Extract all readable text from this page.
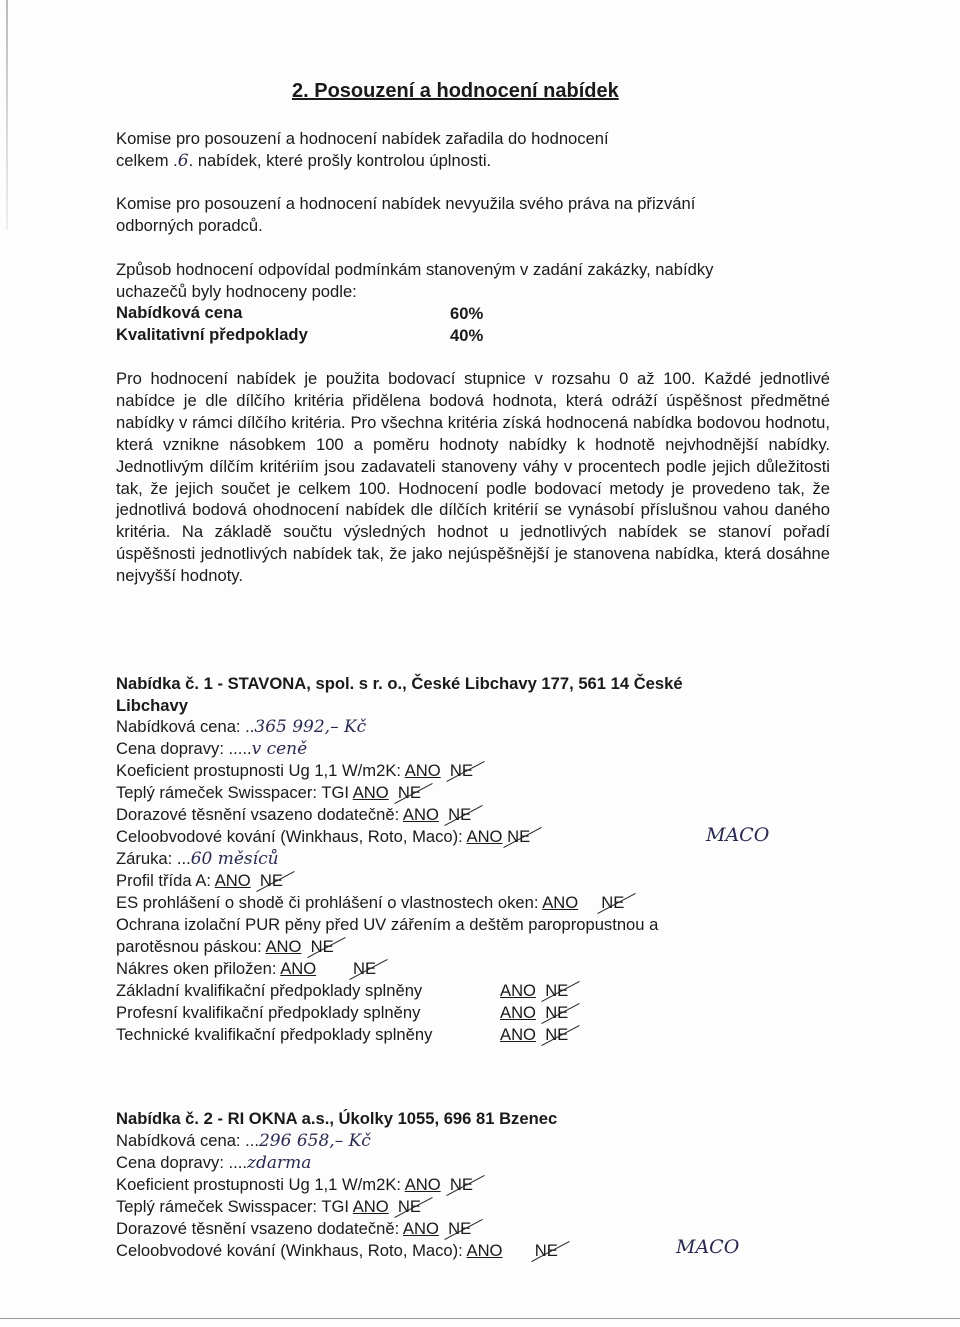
2. Posouzení a hodnocení nabídek
Komise pro posouzení a hodnocení nabídek zařadila do hodnocení
celkem .6. nabídek, které prošly kontrolou úplnosti.
Komise pro posouzení a hodnocení nabídek nevyužila svého práva na přizvání
odborných poradců.
Způsob hodnocení odpovídal podmínkám stanoveným v zadání zakázky, nabídky
uchazečů byly hodnoceny podle:
Nabídková cena	60%
Kvalitativní předpoklady	40%
Pro hodnocení nabídek je použita bodovací stupnice v rozsahu 0 až 100. Každé jednotlivé nabídce je dle dílčího kritéria přidělena bodová hodnota, která odráží úspěšnost předmětné nabídky v rámci dílčího kritéria. Pro všechna kritéria získá hodnocená nabídka bodovou hodnotu, která vznikne násobkem 100 a poměru hodnoty nabídky k hodnotě nejvhodnější nabídky. Jednotlivým dílčím kritériím jsou zadavateli stanoveny váhy v procentech podle jejich důležitosti tak, že jejich součet je celkem 100. Hodnocení podle bodovací metody je provedeno tak, že jednotlivá bodová ohodnocení nabídek dle dílčích kritérií se vynásobí příslušnou vahou daného kritéria. Na základě součtu výsledných hodnot u jednotlivých nabídek se stanoví pořadí úspěšnosti jednotlivých nabídek tak, že jako nejúspěšnější je stanovena nabídka, která dosáhne nejvyšší hodnoty.
Nabídka č. 1 - STAVONA, spol. s r. o., České Libchavy 177, 561 14 České
Libchavy
Nabídková cena: ..365 992,– Kč
Cena dopravy: .....v ceně
Koeficient prostupnosti Ug 1,1 W/m2K: ANO NE
Teplý rámeček Swisspacer: TGI ANO NE
Dorazové těsnění vsazeno dodatečně: ANO NE
Celoobvodové kování (Winkhaus, Roto, Maco): ANO NE	MACO
Záruka: ...60 měsíců
Profil třída A: ANO NE
ES prohlášení o shodě či prohlášení o vlastnostech oken: ANO NE
Ochrana izolační PUR pěny před UV zářením a deštěm paropropustnou a
parotěsnou páskou: ANO NE
Nákres oken přiložen: ANO NE
Základní kvalifikační předpoklady splněny	ANO NE
Profesní kvalifikační předpoklady splněny	ANO NE
Technické kvalifikační předpoklady splněny	ANO NE
Nabídka č. 2 - RI OKNA a.s., Úkolky 1055, 696 81 Bzenec
Nabídková cena: ...296 658,– Kč
Cena dopravy: ....zdarma
Koeficient prostupnosti Ug 1,1 W/m2K: ANO NE
Teplý rámeček Swisspacer: TGI ANO NE
Dorazové těsnění vsazeno dodatečně: ANO NE
Celoobvodové kování (Winkhaus, Roto, Maco): ANO NE	MACO
